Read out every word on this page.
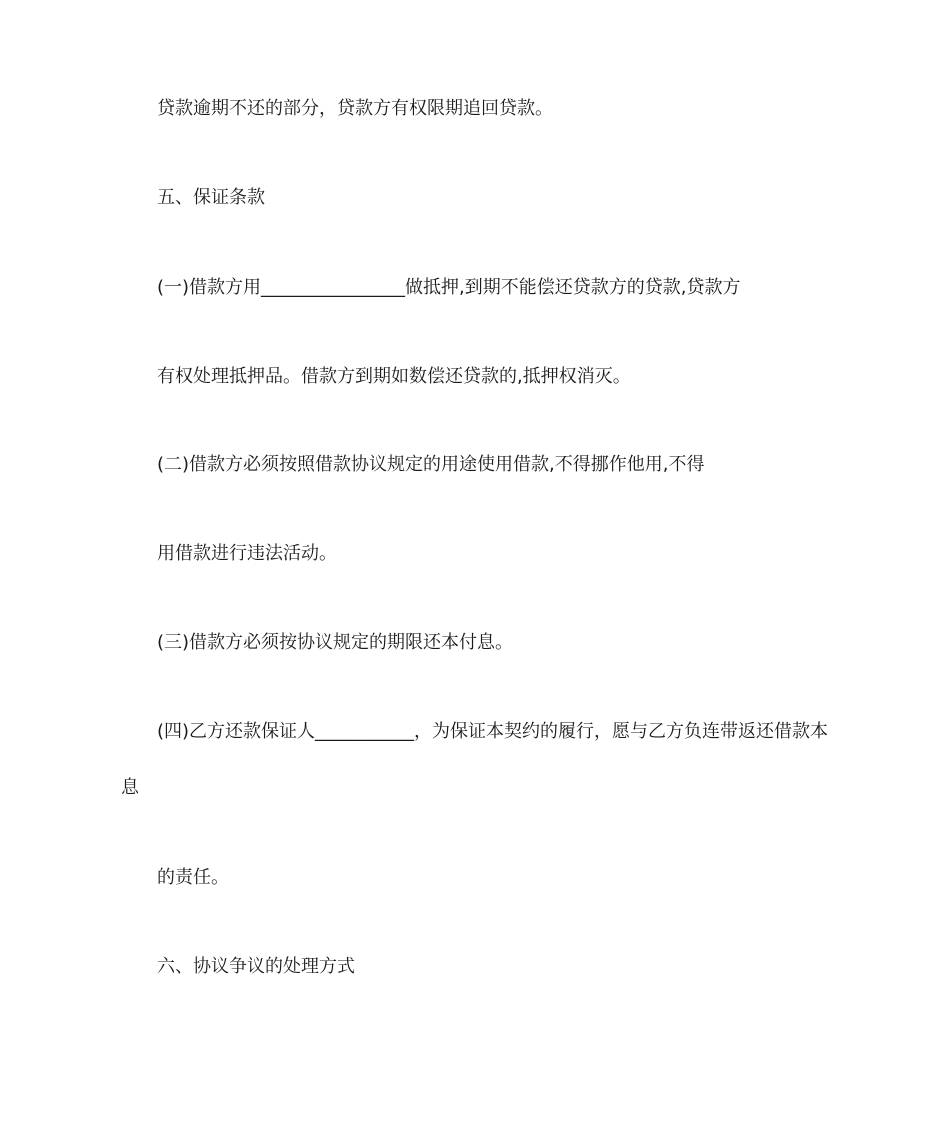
贷款逾期不还的部分，贷款方有权限期追回贷款。
五、保证条款
(一)借款方用________________做抵押,到期不能偿还贷款方的贷款,贷款方
有权处理抵押品。借款方到期如数偿还贷款的,抵押权消灭。
(二)借款方必须按照借款协议规定的用途使用借款,不得挪作他用,不得
用借款进行违法活动。
(三)借款方必须按协议规定的期限还本付息。
(四)乙方还款保证人___________，为保证本契约的履行，愿与乙方负连带返还借款本
息
的责任。
六、协议争议的处理方式
